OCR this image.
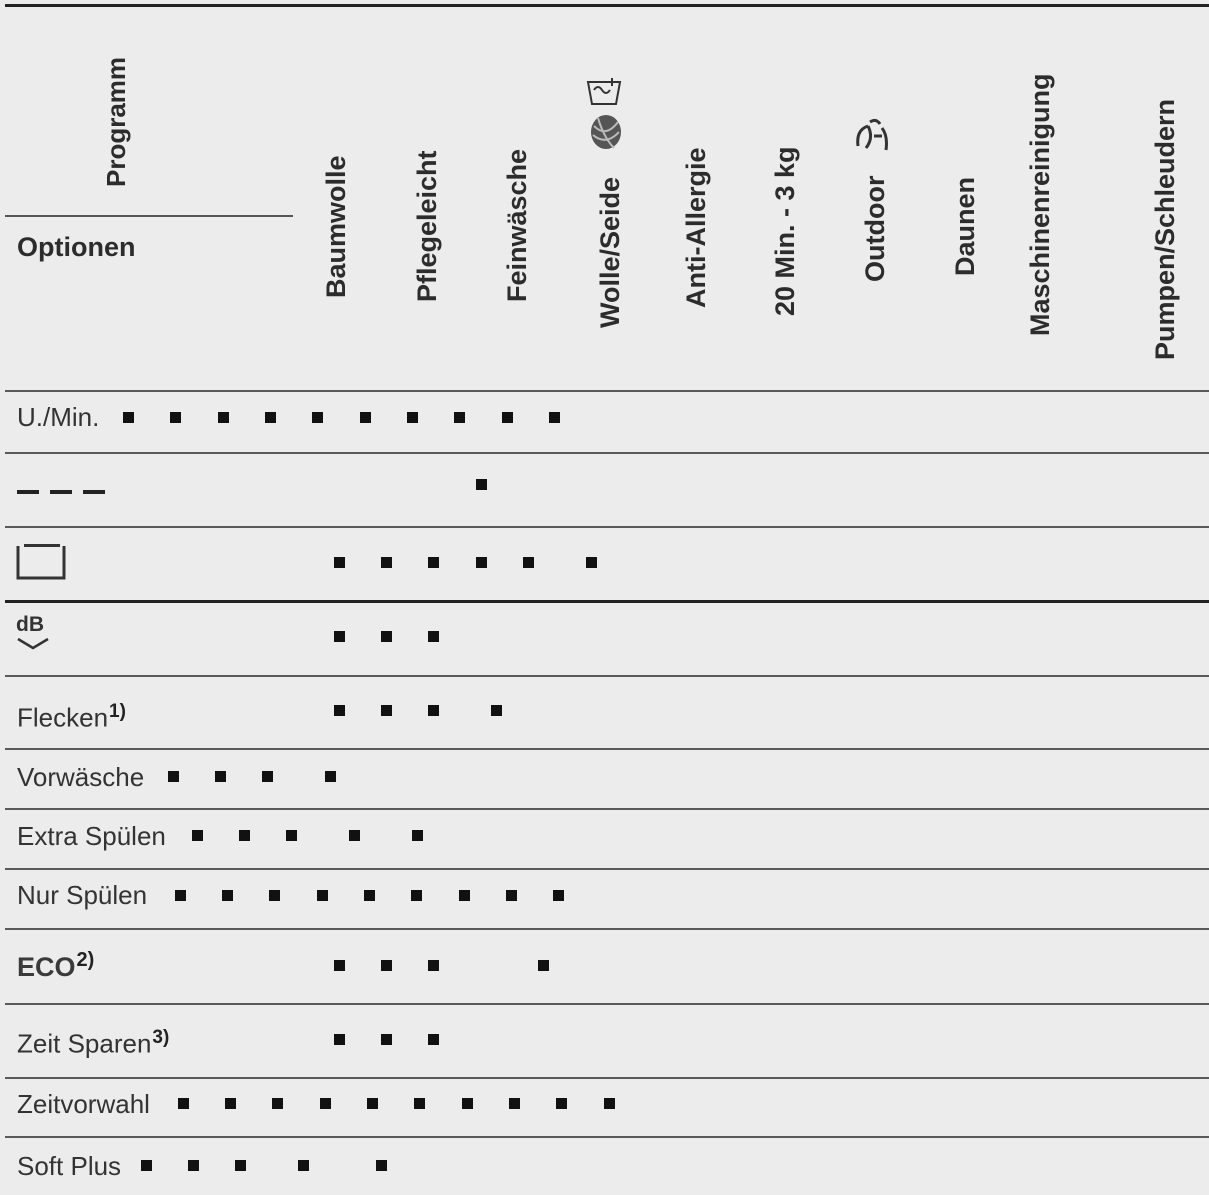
Programm
Optionen	Baumwolle Pflegeleicht Feinwäsche Wolle/Seide Anti-Allergie 20 Min. - 3 kg Outdoor Daunen Maschinenreinigung	Pumpen/Schleudern
U./Min.
dB
Flecken$^{1)}$
Vorwäsche
Extra Spülen
Nur Spülen
ECO$^{2)}$
Zeit Sparen$^{3)}$
Zeitvorwahl
Soft Plus
